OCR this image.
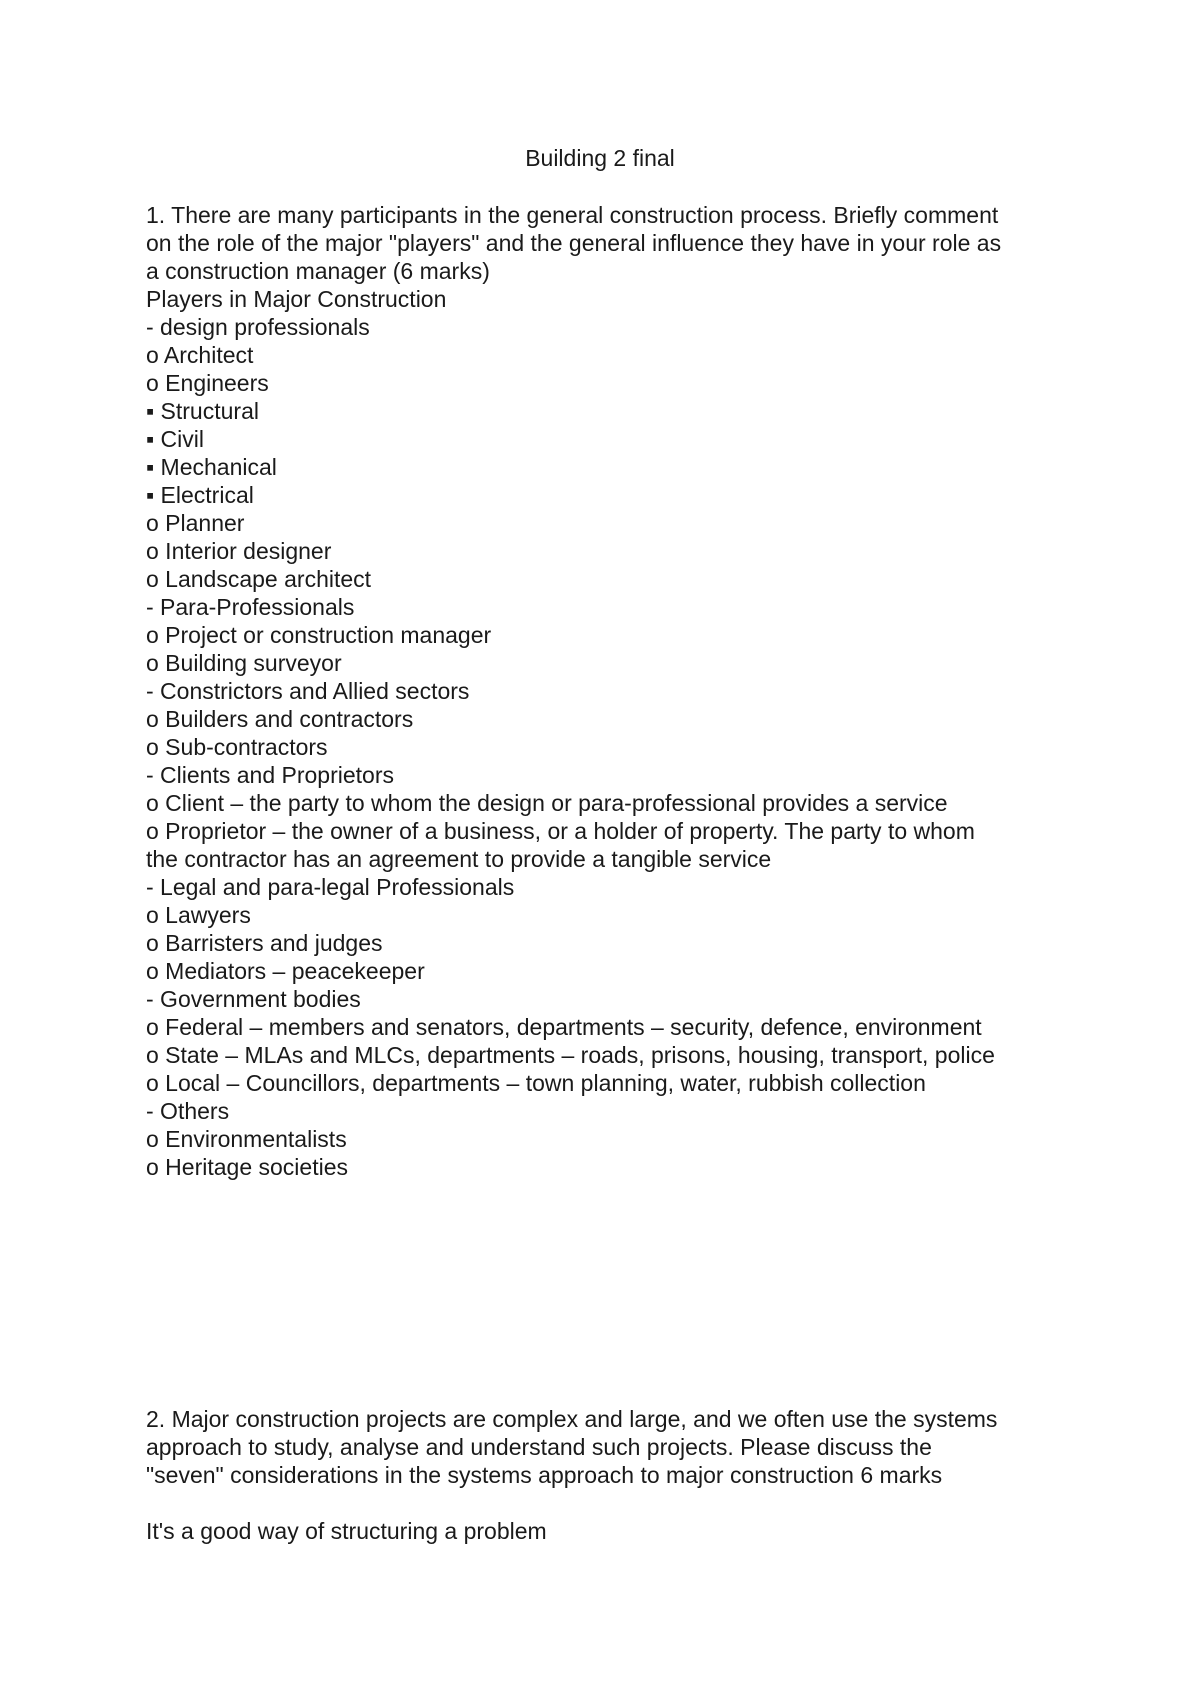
Building 2 final

1. There are many participants in the general construction process. Briefly comment

on the role of the major "players" and the general influence they have in your role as

a construction manager (6 marks)

Players in Major Construction

- design professionals

o Architect

o Engineers

▪ Structural

▪ Civil

▪ Mechanical

▪ Electrical

o Planner

o Interior designer

o Landscape architect

- Para-Professionals

o Project or construction manager

o Building surveyor

- Constrictors and Allied sectors

o Builders and contractors

o Sub-contractors

- Clients and Proprietors

o Client – the party to whom the design or para-professional provides a service

o Proprietor – the owner of a business, or a holder of property. The party to whom

the contractor has an agreement to provide a tangible service

- Legal and para-legal Professionals

o Lawyers

o Barristers and judges

o Mediators – peacekeeper

- Government bodies

o Federal – members and senators, departments – security, defence, environment

o State – MLAs and MLCs, departments – roads, prisons, housing, transport, police

o Local – Councillors, departments – town planning, water, rubbish collection

- Others

o Environmentalists

o Heritage societies

2. Major construction projects are complex and large, and we often use the systems

approach to study, analyse and understand such projects. Please discuss the

"seven" considerations in the systems approach to major construction 6 marks

It's a good way of structuring a problem
